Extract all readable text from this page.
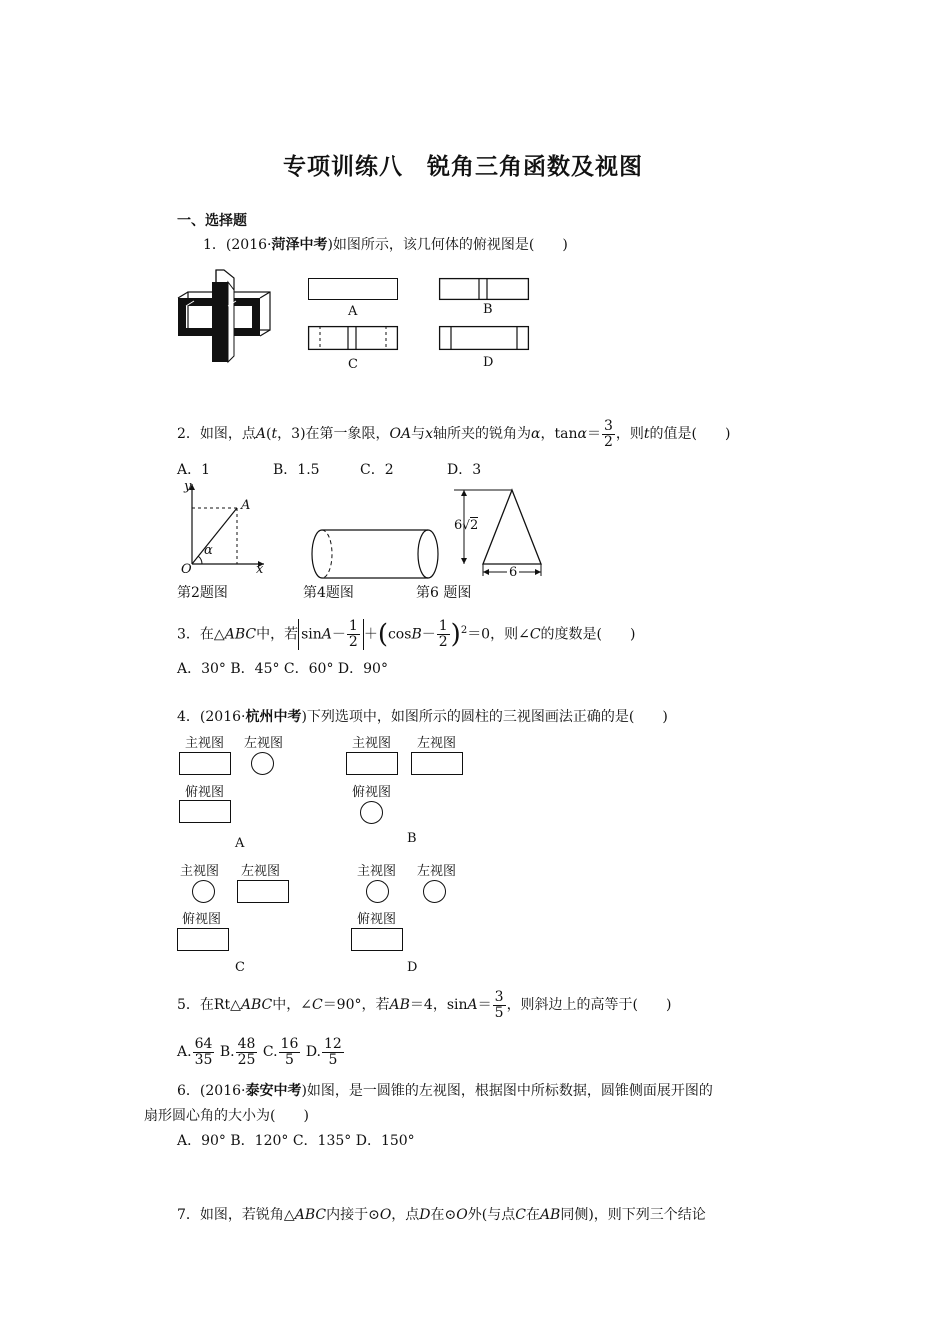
专项训练八　锐角三角函数及视图
一、选择题
1．(2016·菏泽中考)如图所示，该几何体的俯视图是(　　)
A	B
C	D
2．如图，点A(t，3)在第一象限，OA与x轴所夹的锐角为α，$\tan\alpha= \frac{3}{2}$ ，则t的值是(　　)
A．1	B．1.5	C．2	D．3
y
A
α
O	x
第2题图	第4题图
6√2
6
第6 题图
3．在△ABC中，若 $\sin A- \frac{1}{2} +(\cos B- \frac{1}{2} )^2=0$，则∠C的度数是(　　)
A．30° B．45° C．60° D．90°
4．(2016·杭州中考)下列选项中，如图所示的圆柱的三视图画法正确的是(　　)
主视图 左视图
俯视图
A
主视图 左视图
俯视图
B
主视图 左视图
俯视图
C
主视图 左视图
俯视图
D
5．在Rt△ABC中，∠C＝90°，若AB＝4，$\sin A= \frac{3}{5}$ ，则斜边上的高等于(　　)
A. $\frac{64}{35} B$. $\frac{48}{25} C$. $\frac{16}{5} D$. $\frac{12}{5}$
6．(2016·泰安中考)如图，是一圆锥的左视图，根据图中所标数据，圆锥侧面展开图的
扇形圆心角的大小为(　　)
A．90° B．120° C．135° D．150°
7．如图，若锐角△ABC内接于⊙O，点D在⊙O外(与点C在AB同侧)，则下列三个结论
